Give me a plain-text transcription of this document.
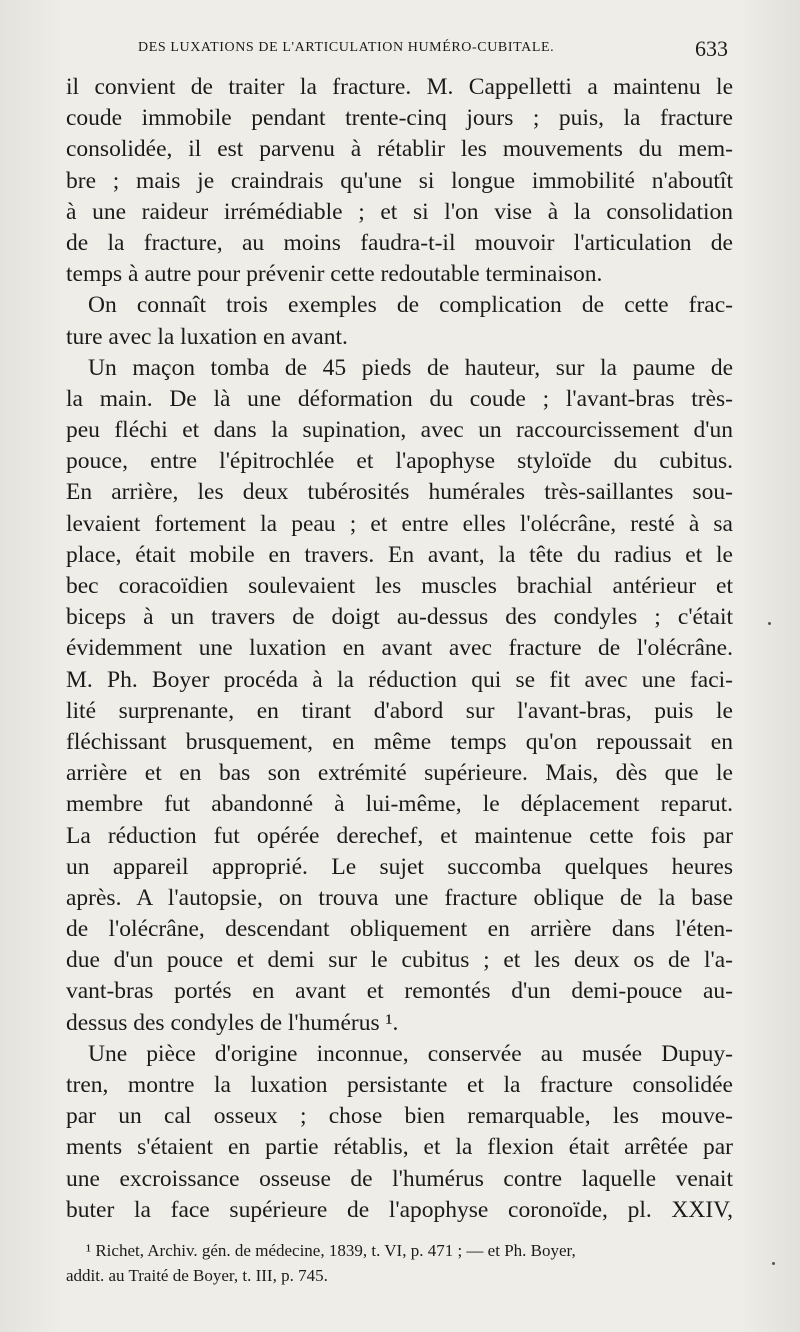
DES LUXATIONS DE L'ARTICULATION HUMÉRO-CUBITALE.	633
il convient de traiter la fracture. M. Cappelletti a maintenu le
coude immobile pendant trente-cinq jours ; puis, la fracture
consolidée, il est parvenu à rétablir les mouvements du mem-
bre ; mais je craindrais qu'une si longue immobilité n'aboutît
à une raideur irrémédiable ; et si l'on vise à la consolidation
de la fracture, au moins faudra-t-il mouvoir l'articulation de
temps à autre pour prévenir cette redoutable terminaison.
On connaît trois exemples de complication de cette frac-
ture avec la luxation en avant.
Un maçon tomba de 45 pieds de hauteur, sur la paume de
la main. De là une déformation du coude ; l'avant-bras très-
peu fléchi et dans la supination, avec un raccourcissement d'un
pouce, entre l'épitrochlée et l'apophyse styloïde du cubitus.
En arrière, les deux tubérosités humérales très-saillantes sou-
levaient fortement la peau ; et entre elles l'olécrâne, resté à sa
place, était mobile en travers. En avant, la tête du radius et le
bec coracoïdien soulevaient les muscles brachial antérieur et
biceps à un travers de doigt au-dessus des condyles ; c'était
évidemment une luxation en avant avec fracture de l'olécrâne.
M. Ph. Boyer procéda à la réduction qui se fit avec une faci-
lité surprenante, en tirant d'abord sur l'avant-bras, puis le
fléchissant brusquement, en même temps qu'on repoussait en
arrière et en bas son extrémité supérieure. Mais, dès que le
membre fut abandonné à lui-même, le déplacement reparut.
La réduction fut opérée derechef, et maintenue cette fois par
un appareil approprié. Le sujet succomba quelques heures
après. A l'autopsie, on trouva une fracture oblique de la base
de l'olécrâne, descendant obliquement en arrière dans l'éten-
due d'un pouce et demi sur le cubitus ; et les deux os de l'a-
vant-bras portés en avant et remontés d'un demi-pouce au-
dessus des condyles de l'humérus ¹.
Une pièce d'origine inconnue, conservée au musée Dupuy-
tren, montre la luxation persistante et la fracture consolidée
par un cal osseux ; chose bien remarquable, les mouve-
ments s'étaient en partie rétablis, et la flexion était arrêtée par
une excroissance osseuse de l'humérus contre laquelle venait
buter la face supérieure de l'apophyse coronoïde, pl. XXIV,
¹ Richet, Archiv. gén. de médecine, 1839, t. VI, p. 471 ; — et Ph. Boyer,
addit. au Traité de Boyer, t. III, p. 745.
